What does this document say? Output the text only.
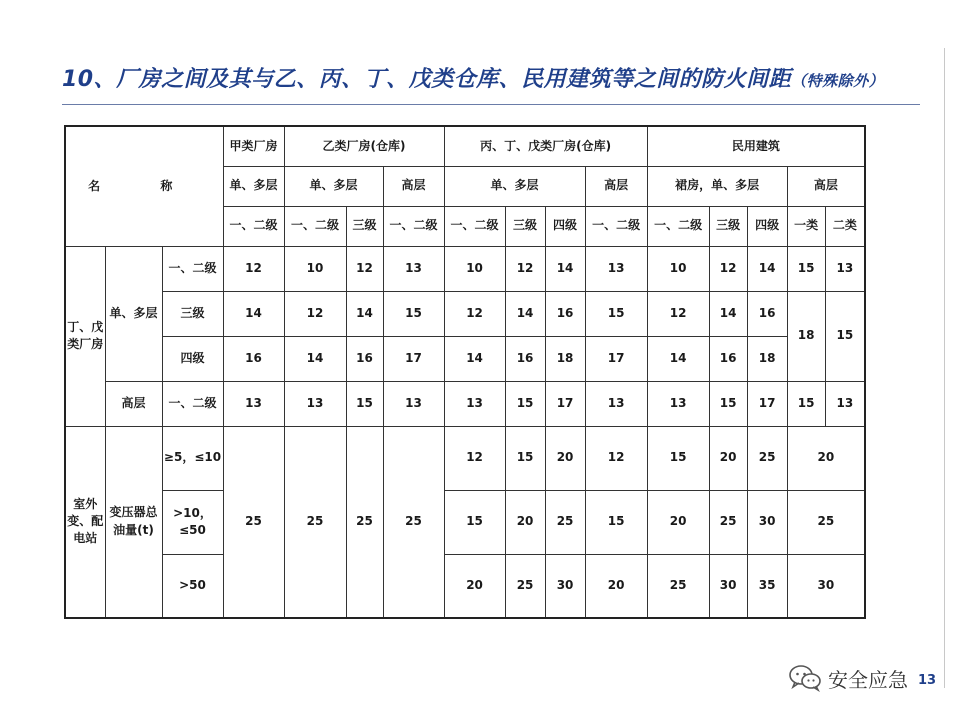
10、厂房之间及其与乙、丙、丁、戊类仓库、民用建筑等之间的防火间距（特殊除外）
名 称			甲类厂房	乙类厂房(仓库)			丙、丁、戊类厂房(仓库)				民用建筑				
			单、多层	单、多层		高层	单、多层			高层	裙房，单、多层			高层	
			一、二级	一、二级	三级	一、二级	一、二级	三级	四级	一、二级	一、二级	三级	四级	一类	二类
丁、戊类厂房	单、多层	一、二级	12	10	12	13	10	12	14	13	10	12	14	15	13
		三级	14	12	14	15	12	14	16	15	12	14	16	18	15
		四级	16	14	16	17	14	16	18	17	14	16	18		
	高层	一、二级	13	13	15	13	13	15	17	13	13	15	17	15	13
室外变、配电站	变压器总油量(t)	≥5，≤10	25	25	25	25	12	15	20	12	15	20	25	20	
		>10，≤50					15	20	25	15	20	25	30	25	
		>50					20	25	30	20	25	30	35	30	
安全应急 13
